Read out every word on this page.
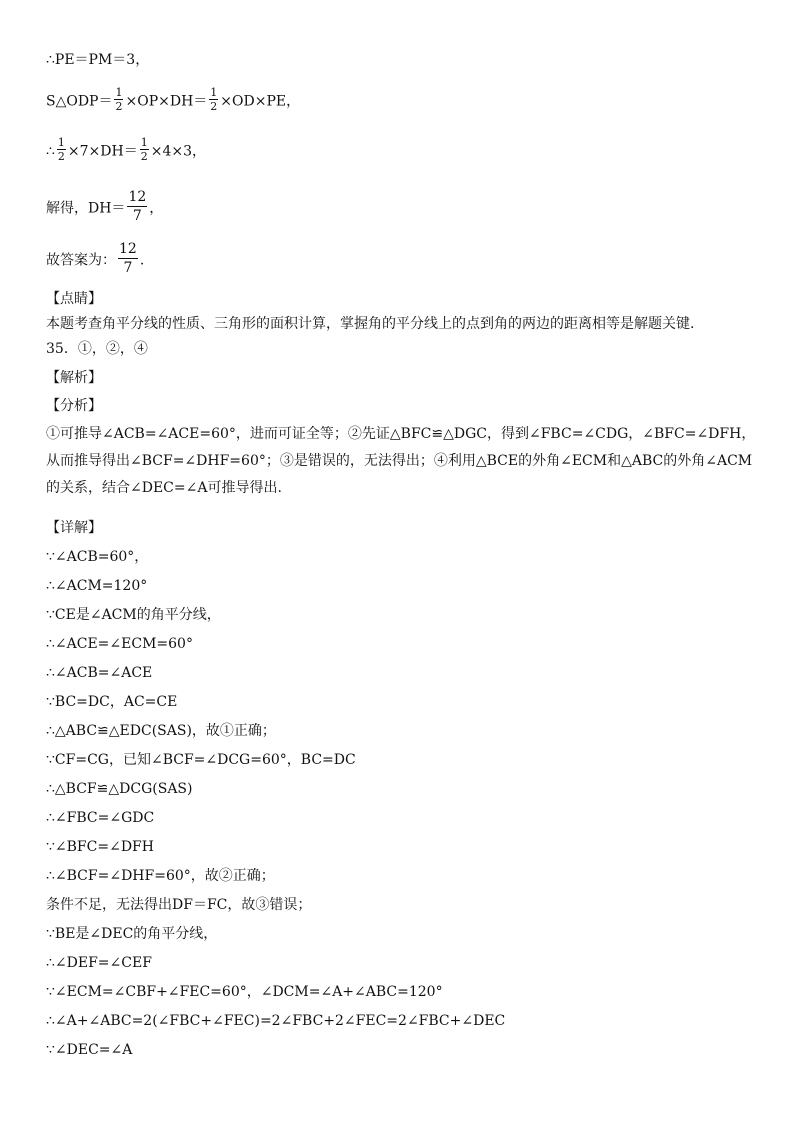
∴PE＝PM＝3，
S△ODP＝ $\frac{1}{2} \times OP\times DH= \frac{1}{2} \times OD\times PE$，
∴ $\frac{1}{2} \times 7\times DH= \frac{1}{2} \times 4\times 3$，
解得，$DH= \frac{12}{7}$ ，
故答案为： $\frac{12}{7}$ .
【点睛】
本题考查角平分线的性质、三角形的面积计算，掌握角的平分线上的点到角的两边的距离相等是解题关键.
35．①，②，④
【解析】
【分析】
①可推导∠ACB=∠ACE=60°，进而可证全等；②先证△BFC≌△DGC，得到∠FBC=∠CDG，∠BFC=∠DFH，从而推导得出∠BCF=∠DHF=60°；③是错误的，无法得出；④利用△BCE的外角∠ECM和△ABC的外角∠ACM的关系，结合∠DEC=∠A可推导得出.
【详解】
∵∠ACB=60°，
∴∠ACM=120°
∵CE是∠ACM的角平分线，
∴∠ACE=∠ECM=60°
∴∠ACB=∠ACE
∵BC=DC，AC=CE
∴△ABC≌△EDC(SAS)，故①正确；
∵CF=CG，已知∠BCF=∠DCG=60°，BC=DC
∴△BCF≌△DCG(SAS)
∴∠FBC=∠GDC
∵∠BFC=∠DFH
∴∠BCF=∠DHF=60°，故②正确；
条件不足，无法得出DF＝FC，故③错误；
∵BE是∠DEC的角平分线，
∴∠DEF=∠CEF
∵∠ECM=∠CBF+∠FEC=60°，∠DCM=∠A+∠ABC=120°
∴∠A+∠ABC=2(∠FBC+∠FEC)=2∠FBC+2∠FEC=2∠FBC+∠DEC
∵∠DEC=∠A
